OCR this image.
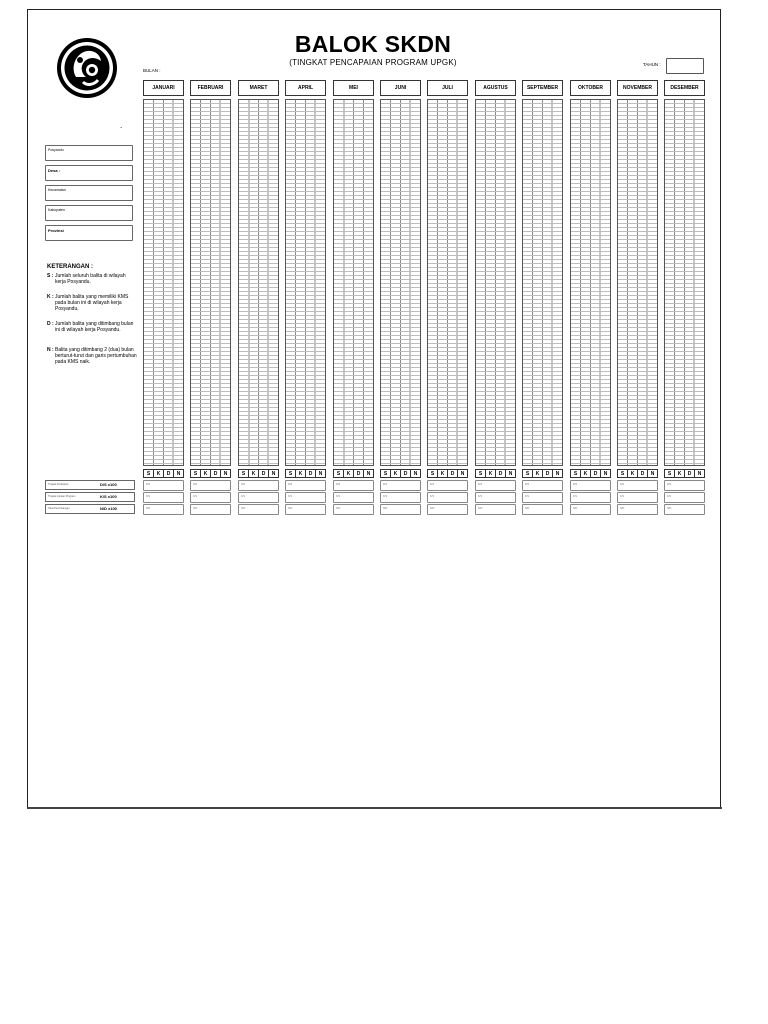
BALOK SKDN
(TINGKAT PENCAPAIAN PROGRAM UPGK)
BULAN :
TAHUN :
.
Posyandu
Desa :
Kecamatan
Kabupaten
Provinsi
KETERANGAN :
S : Jumlah seluruh balita di wilayah kerja Posyandu.
K : Jumlah balita yang memiliki KMS pada bulan ini di wilayah kerja Posyandu.
D : Jumlah balita yang ditimbang bulan ini di wilayah kerja Posyandu.
N : Balita yang ditimbang 2 (dua) bulan berturut-turut dan garis pertumbuhan pada KMS naik.
JANUARI
S	K	D	N
D/S
K/S
N/D
FEBRUARI
S	K	D	N
D/S
K/S
N/D
MARET
S	K	D	N
D/S
K/S
N/D
APRIL
S	K	D	N
D/S
K/S
N/D
MEI
S	K	D	N
D/S
K/S
N/D
JUNI
S	K	D	N
D/S
K/S
N/D
JULI
S	K	D	N
D/S
K/S
N/D
AGUSTUS
S	K	D	N
D/S
K/S
N/D
SEPTEMBER
S	K	D	N
D/S
K/S
N/D
OKTOBER
S	K	D	N
D/S
K/S
N/D
NOVEMBER
S	K	D	N
D/S
K/S
N/D
DESEMBER
S	K	D	N
D/S
K/S
N/D
Tingkat Partisipasi	D/S x100
Tingkat Liputan Program	K/S x100
Hasil Penimbangan	N/D x100
